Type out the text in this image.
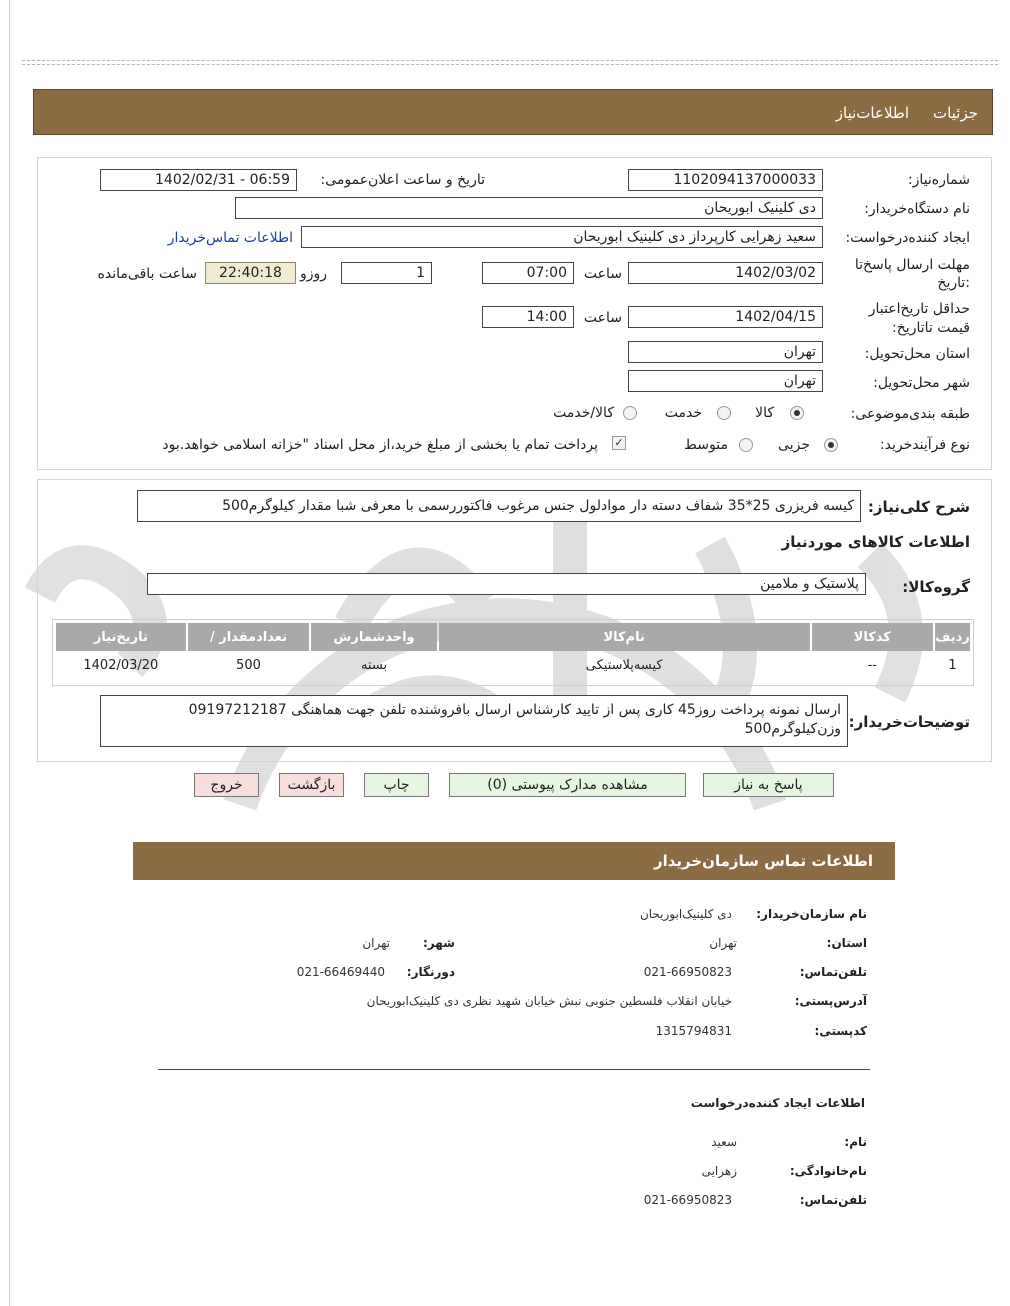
جزئیات
اطلاعات‌نیاز
شماره‌نیاز:
1102094137000033
تاریخ و ساعت اعلان‌عمومی:
1402/02/31 - 06:59
نام دستگاه‌خریدار:
دی کلینیک ابوریحان
ایجاد کننده‌درخواست:
سعید زهرایی کارپرداز دی کلینیک ابوریحان
اطلاعات تماس‌خریدار
مهلت ارسال پاسخ‌تا
:تاریخ
1402/03/02
ساعت
07:00
1
روزو
22:40:18
ساعت باقی‌مانده
حداقل تاریخ‌اعتبار
قیمت تا‌تاریخ:
1402/04/15
ساعت
14:00
استان محل‌تحویل:
تهران
شهر محل‌تحویل:
تهران
طبقه بندی‌موضوعی:
کالا
خدمت
کالا/خدمت
نوع فرآیند‌خرید:
جزیی
متوسط
✓
پرداخت تمام یا بخشی از مبلغ خرید،از محل اسناد "خزانه اسلامی خواهد.بود
شرح کلی‌نیاز:
کیسه فریزری 25*35 شفاف دسته دار موادلول جنس مرغوب فاکتوررسمی با معرفی شبا مقدار کیلوگرم500
اطلاعات کالاهای موردنیاز
گروه‌کالا:
پلاستیک و ملامین
ردیف	کدکالا	نام‌کالا	واحدشمارش	تعدادمقدار /	تاریخ‌نیاز
1	--	کیسه‌پلاستیکی	بسته	500	1402/03/20
توضیحات‌خریدار:
ارسال نمونه پرداخت روز45 کاری پس از تایید کارشناس ارسال بافروشنده تلفن جهت هماهنگی 09197212187
وزن‌کیلوگرم500
پاسخ به نیاز
مشاهده مدارک پیوستی (0)
چاپ
بازگشت
خروج
اطلاعات تماس سازمان‌خریدار
نام سازمان‌خریدار:
دی کلینیک‌ابوریحان
استان:
تهران
شهر:
تهران
تلفن‌تماس:
021-66950823
دورنگار:
021-66469440
آدرس‌پستی:
خیابان انقلاب فلسطین جنوبی نبش خیابان شهید نظری دی کلینیک‌ابوریحان
کد‌پستی:
1315794831
اطلاعات ایجاد کننده‌درخواست
نام:
سعید
نام‌خانوادگی:
زهرایی
تلفن‌تماس:
021-66950823
